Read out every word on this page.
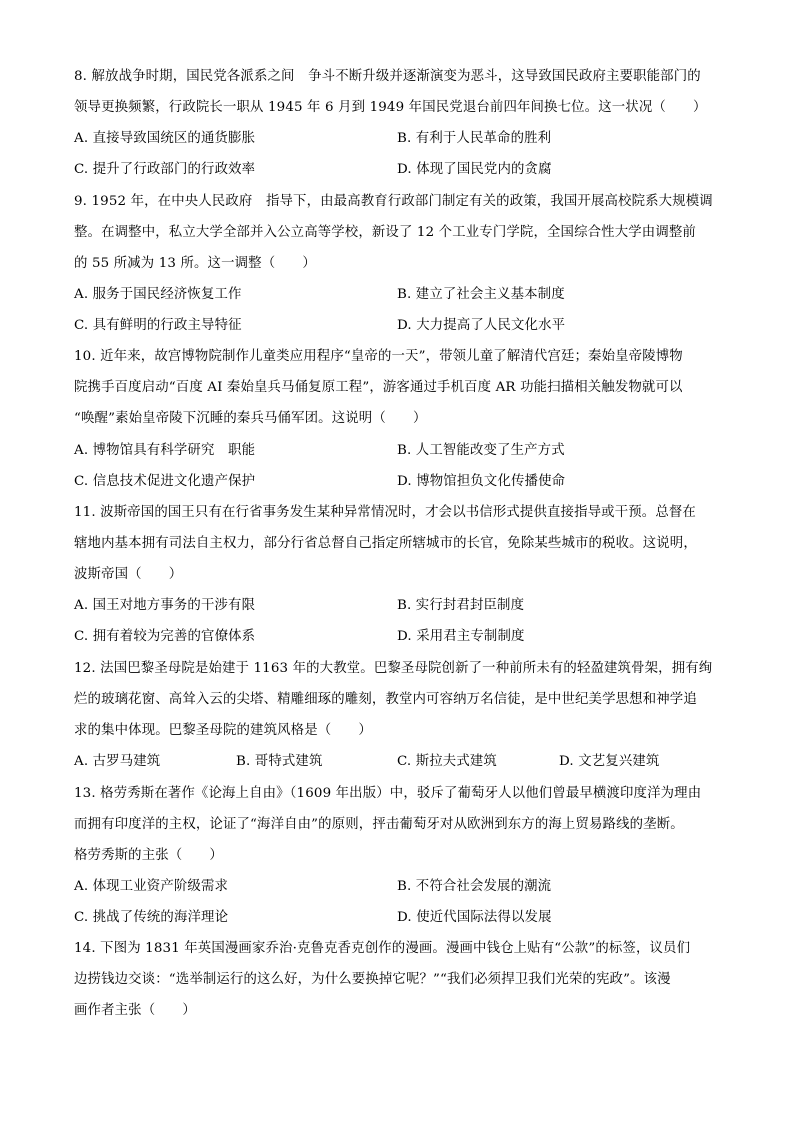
8. 解放战争时期，国民党各派系之间　争斗不断升级并逐渐演变为恶斗，这导致国民政府主要职能部门的
领导更换频繁，行政院长一职从 1945 年 6 月到 1949 年国民党退台前四年间换七位。这一状况（　　）
A. 直接导致国统区的通货膨胀	B. 有利于人民革命的胜利
C. 提升了行政部门的行政效率	D. 体现了国民党内的贪腐
9. 1952 年，在中央人民政府　指导下，由最高教育行政部门制定有关的政策，我国开展高校院系大规模调
整。在调整中，私立大学全部并入公立高等学校，新设了 12 个工业专门学院，全国综合性大学由调整前
的 55 所减为 13 所。这一调整（　　）
A. 服务于国民经济恢复工作	B. 建立了社会主义基本制度
C. 具有鲜明的行政主导特征	D. 大力提高了人民文化水平
10. 近年来，故宫博物院制作儿童类应用程序“皇帝的一天”，带领儿童了解清代宫廷；秦始皇帝陵博物
院携手百度启动“百度 AI 秦始皇兵马俑复原工程”，游客通过手机百度 AR 功能扫描相关触发物就可以
“唤醒”素始皇帝陵下沉睡的秦兵马俑军团。这说明（　　）
A. 博物馆具有科学研究　职能	B. 人工智能改变了生产方式
C. 信息技术促进文化遗产保护	D. 博物馆担负文化传播使命
11. 波斯帝国的国王只有在行省事务发生某种异常情况时，才会以书信形式提供直接指导或干预。总督在
辖地内基本拥有司法自主权力，部分行省总督自己指定所辖城市的长官，免除某些城市的税收。这说明，
波斯帝国（　　）
A. 国王对地方事务的干涉有限	B. 实行封君封臣制度
C. 拥有着较为完善的官僚体系	D. 采用君主专制制度
12. 法国巴黎圣母院是始建于 1163 年的大教堂。巴黎圣母院创新了一种前所未有的轻盈建筑骨架，拥有绚
烂的玻璃花窗、高耸入云的尖塔、精雕细琢的雕刻，教堂内可容纳万名信徒，是中世纪美学思想和神学追
求的集中体现。巴黎圣母院的建筑风格是（　　）
A. 古罗马建筑	B. 哥特式建筑	C. 斯拉夫式建筑	D. 文艺复兴建筑
13. 格劳秀斯在著作《论海上自由》（1609 年出版）中，驳斥了葡萄牙人以他们曾最早横渡印度洋为理由
而拥有印度洋的主权，论证了“海洋自由”的原则，抨击葡萄牙对从欧洲到东方的海上贸易路线的垄断。
格劳秀斯的主张（　　）
A. 体现工业资产阶级需求	B. 不符合社会发展的潮流
C. 挑战了传统的海洋理论	D. 使近代国际法得以发展
14. 下图为 1831 年英国漫画家乔治·克鲁克香克创作的漫画。漫画中钱仓上贴有“公款”的标签，议员们
边捞钱边交谈：“选举制运行的这么好，为什么要换掉它呢？”“我们必须捍卫我们光荣的宪政”。该漫
画作者主张（　　）
